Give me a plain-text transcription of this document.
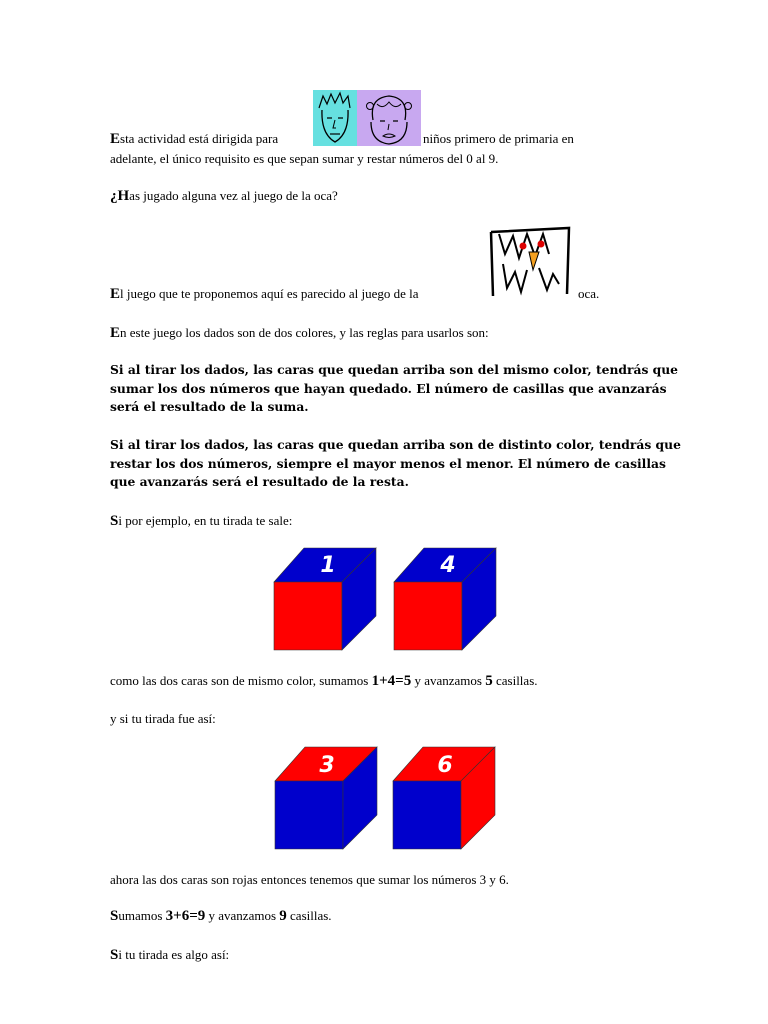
Esta actividad está dirigida para	niños primero de primaria en
adelante, el único requisito es que sepan sumar y restar números del 0 al 9.
¿Has jugado alguna vez al juego de la oca?
El juego que te proponemos aquí es parecido al juego de la	oca.
En este juego los dados son de dos colores, y las reglas para usarlos son:
Si al tirar los dados, las caras que quedan arriba son del mismo color, tendrás que
sumar los dos números que hayan quedado. El número de casillas que avanzarás
será el resultado de la suma.
Si al tirar los dados, las caras que quedan arriba son de distinto color, tendrás que
restar los dos números, siempre el mayor menos el menor. El número de casillas
que avanzarás será el resultado de la resta.
Si por ejemplo, en tu tirada te sale:
1	4
como las dos caras son de mismo color, sumamos 1+4=5 y avanzamos 5 casillas.
y si tu tirada fue así:
3	6
ahora las dos caras son rojas entonces tenemos que sumar los números 3 y 6.
Sumamos 3+6=9 y avanzamos 9 casillas.
Si tu tirada es algo así:
